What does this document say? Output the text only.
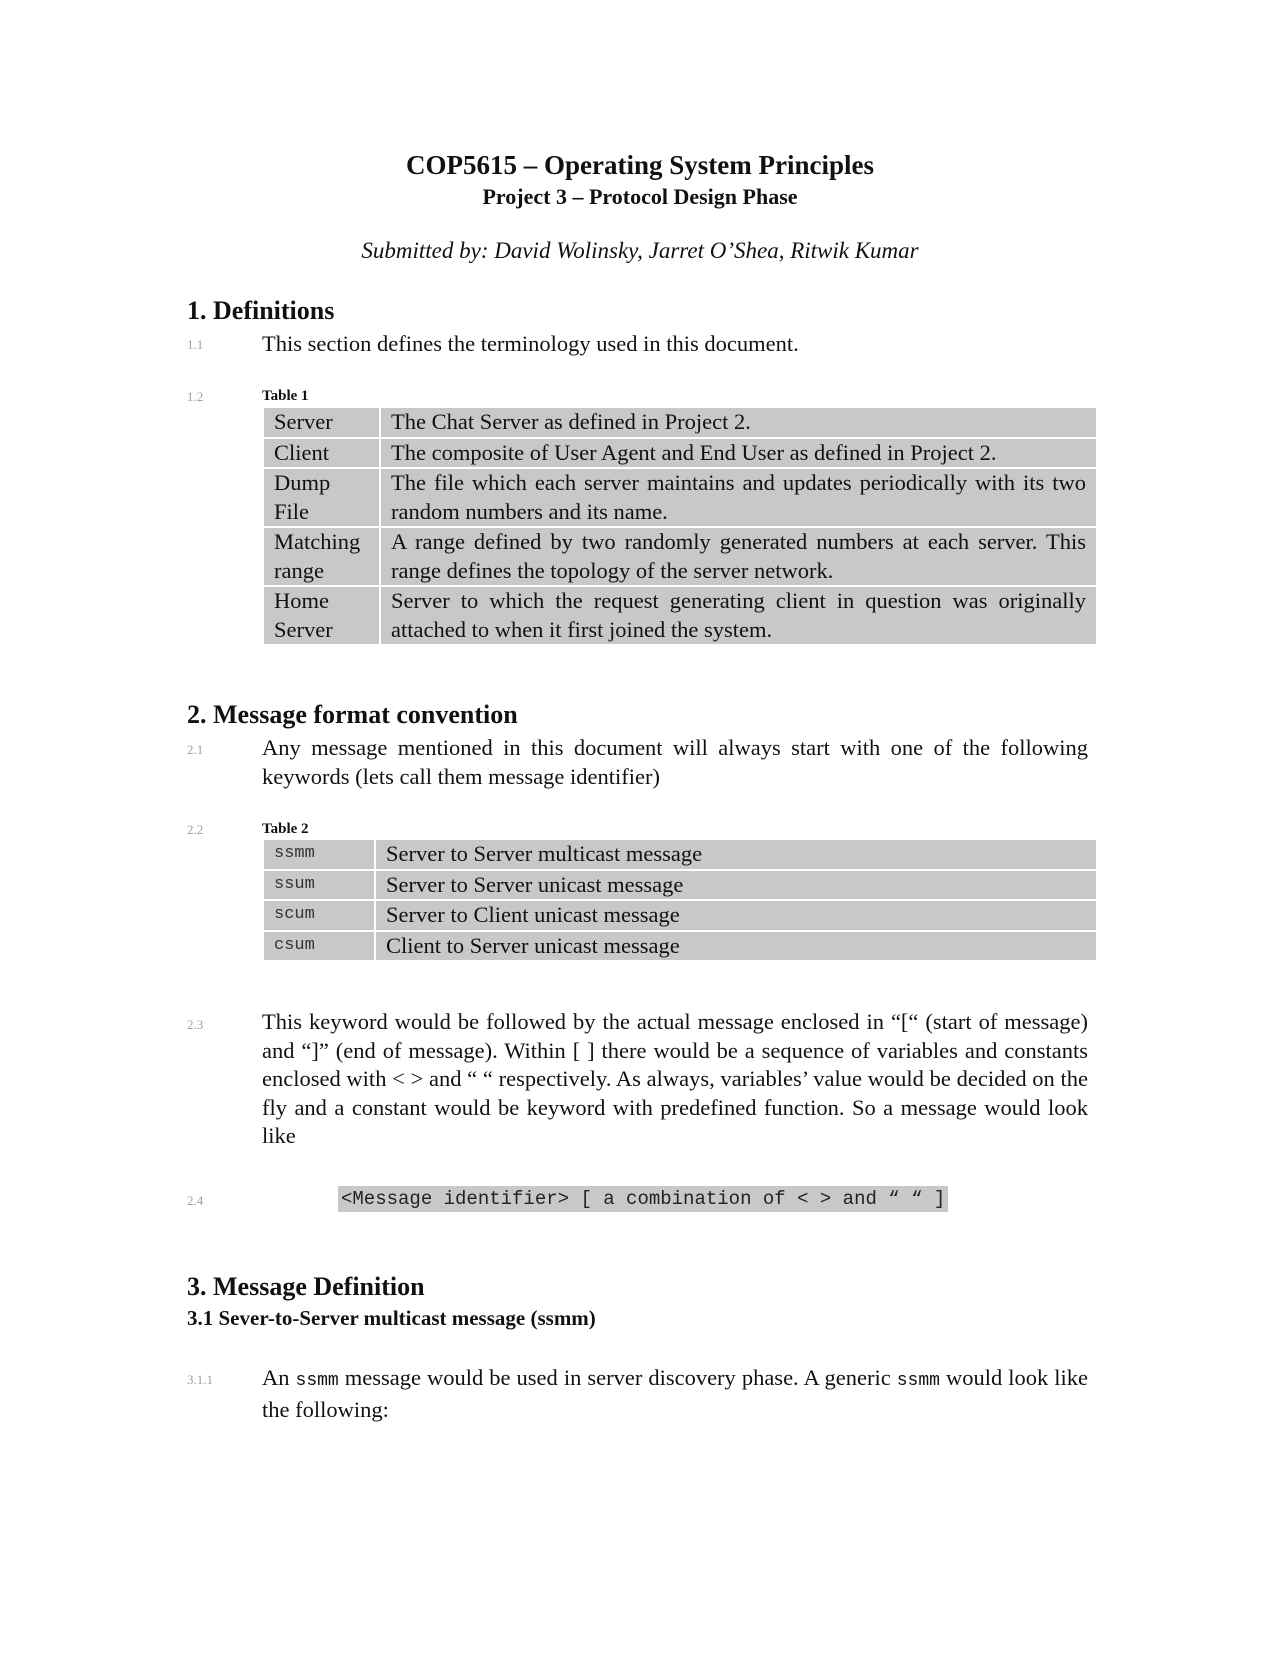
COP5615 – Operating System Principles
Project 3 – Protocol Design Phase
Submitted by: David Wolinsky, Jarret O’Shea, Ritwik Kumar
1. Definitions
1.1	This section defines the terminology used in this document.
1.2	Table 1
Server	The Chat Server as defined in Project 2.
Client	The composite of User Agent and End User as defined in Project 2.
Dump File	The file which each server maintains and updates periodically with its two random numbers and its name.
Matching range	A range defined by two randomly generated numbers at each server. This range defines the topology of the server network.
Home Server	Server to which the request generating client in question was originally attached to when it first joined the system.
2. Message format convention
2.1	Any message mentioned in this document will always start with one of the following keywords (lets call them message identifier)
2.2	Table 2
ssmm	Server to Server multicast message
ssum	Server to Server unicast message
scum	Server to Client unicast message
csum	Client to Server unicast message
2.3	This keyword would be followed by the actual message enclosed in “[“ (start of message) and “]” (end of message). Within [ ] there would be a sequence of variables and constants enclosed with < > and “ “ respectively. As always, variables’ value would be decided on the fly and a constant would be keyword with predefined function. So a message would look like
2.4	<Message identifier> [ a combination of < > and “ “ ]
3. Message Definition
3.1 Sever-to-Server multicast message (ssmm)
3.1.1 An ssmm message would be used in server discovery phase. A generic ssmm would look like the following:
